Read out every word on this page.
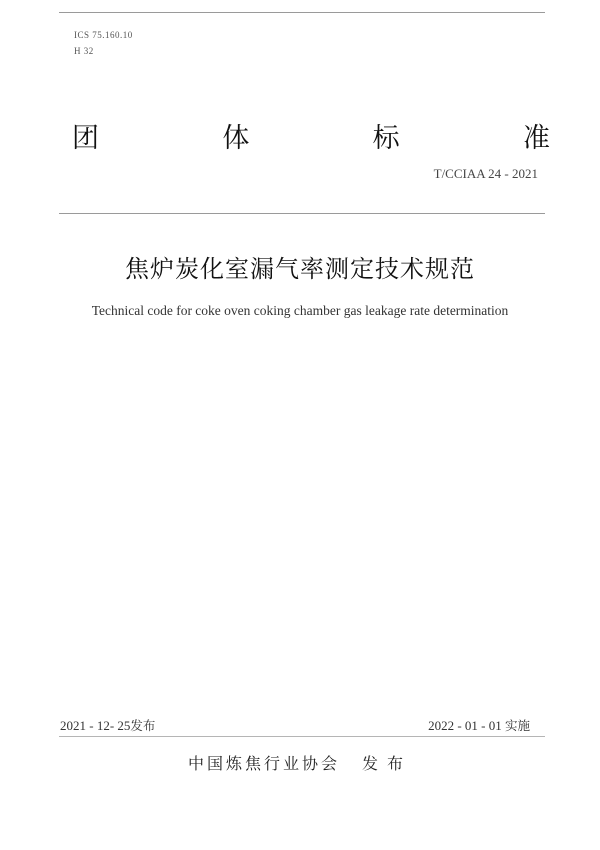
ICS 75.160.10
H 32
团	体	标	准
T/CCIAA 24 - 2021
焦炉炭化室漏气率测定技术规范
Technical code for coke oven coking chamber gas leakage rate determination
2021 - 12- 25发布	2022 - 01 - 01 实施
中国炼焦行业协会 发布
